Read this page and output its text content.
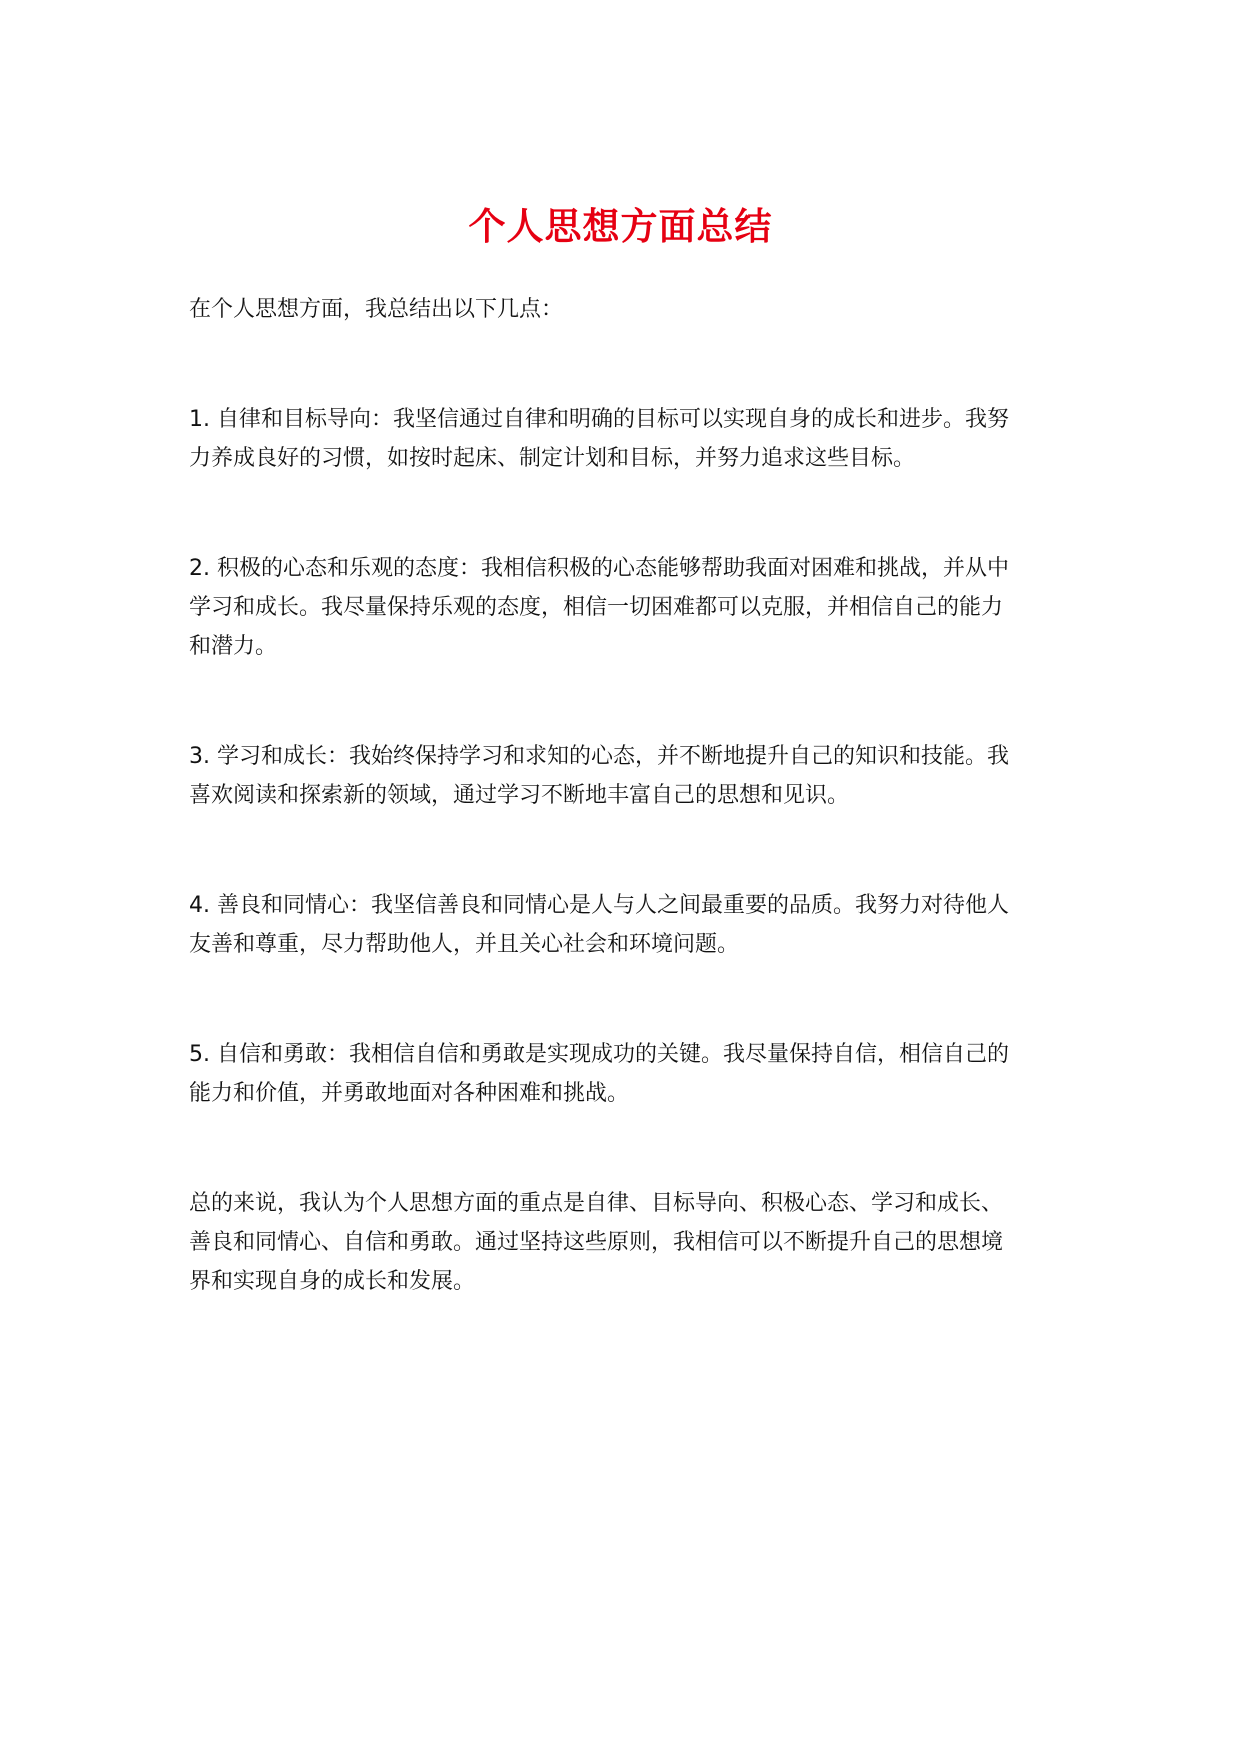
个人思想方面总结

在个人思想方面，我总结出以下几点：

1. 自律和目标导向：我坚信通过自律和明确的目标可以实现自身的成长和进步。我努
力养成良好的习惯，如按时起床、制定计划和目标，并努力追求这些目标。

2. 积极的心态和乐观的态度：我相信积极的心态能够帮助我面对困难和挑战，并从中
学习和成长。我尽量保持乐观的态度，相信一切困难都可以克服，并相信自己的能力
和潜力。

3. 学习和成长：我始终保持学习和求知的心态，并不断地提升自己的知识和技能。我
喜欢阅读和探索新的领域，通过学习不断地丰富自己的思想和见识。

4. 善良和同情心：我坚信善良和同情心是人与人之间最重要的品质。我努力对待他人
友善和尊重，尽力帮助他人，并且关心社会和环境问题。

5. 自信和勇敢：我相信自信和勇敢是实现成功的关键。我尽量保持自信，相信自己的
能力和价值，并勇敢地面对各种困难和挑战。

总的来说，我认为个人思想方面的重点是自律、目标导向、积极心态、学习和成长、
善良和同情心、自信和勇敢。通过坚持这些原则，我相信可以不断提升自己的思想境
界和实现自身的成长和发展。
